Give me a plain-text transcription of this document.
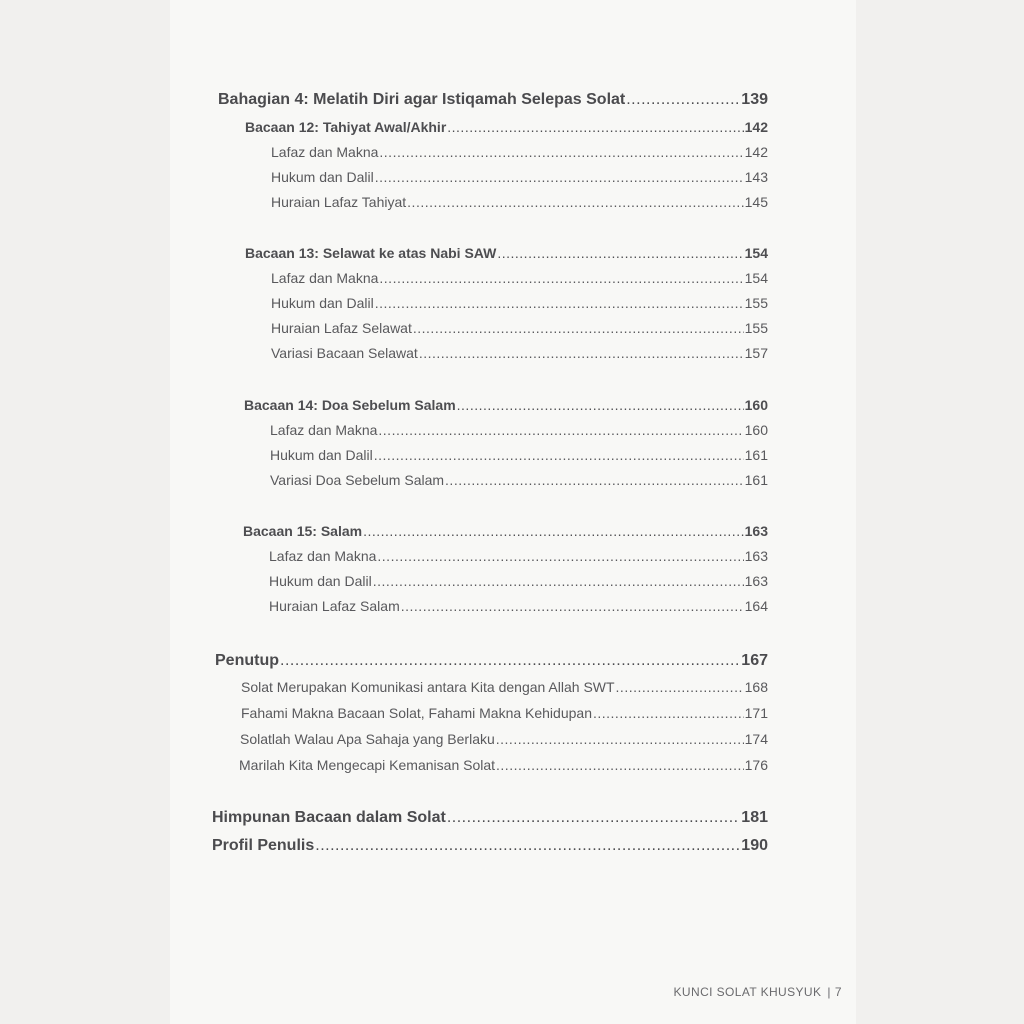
Bahagian 4: Melatih Diri agar Istiqamah Selepas Solat .....	139
Bacaan 12: Tahiyat Awal/Akhir .....	142
Lafaz dan Makna .....	142
Hukum dan Dalil .....	143
Huraian Lafaz Tahiyat .....	145
Bacaan 13: Selawat ke atas Nabi SAW .....	154
Lafaz dan Makna .....	154
Hukum dan Dalil .....	155
Huraian Lafaz Selawat .....	155
Variasi Bacaan Selawat .....	157
Bacaan 14: Doa Sebelum Salam .....	160
Lafaz dan Makna .....	160
Hukum dan Dalil .....	161
Variasi Doa Sebelum Salam .....	161
Bacaan 15: Salam .....	163
Lafaz dan Makna .....	163
Hukum dan Dalil .....	163
Huraian Lafaz Salam .....	164
Penutup .....	167
Solat Merupakan Komunikasi antara Kita dengan Allah SWT .....	168
Fahami Makna Bacaan Solat, Fahami Makna Kehidupan .....	171
Solatlah Walau Apa Sahaja yang Berlaku .....	174
Marilah Kita Mengecapi Kemanisan Solat .....	176
Himpunan Bacaan dalam Solat .....	181
Profil Penulis .....	190
KUNCI SOLAT KHUSYUK | 7
